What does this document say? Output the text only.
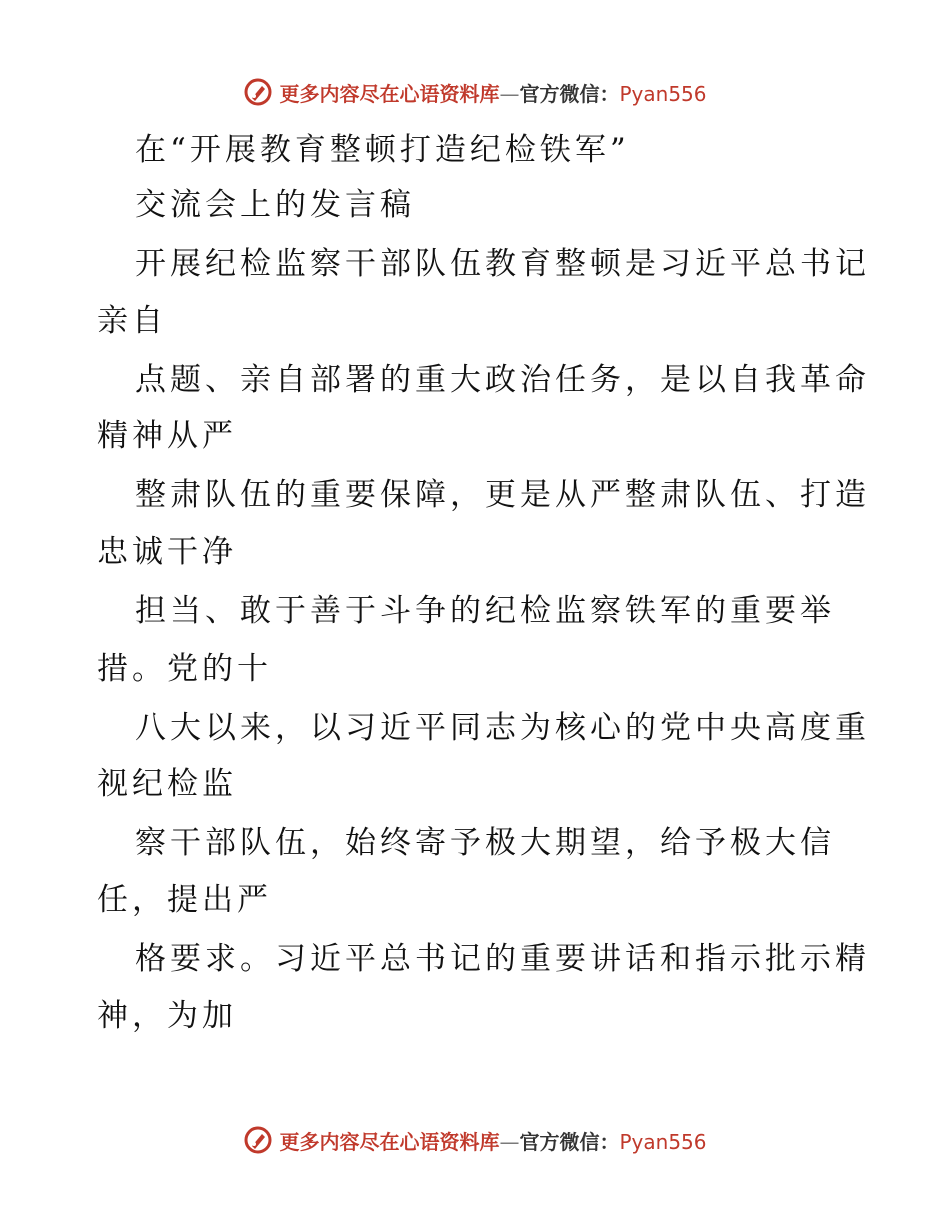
更多内容尽在心语资料库—官方微信：Pyan556
在“开展教育整顿打造纪检铁军”
交流会上的发言稿
开展纪检监察干部队伍教育整顿是习近平总书记
亲自
点题、亲自部署的重大政治任务，是以自我革命
精神从严
整肃队伍的重要保障，更是从严整肃队伍、打造
忠诚干净
担当、敢于善于斗争的纪检监察铁军的重要举
措。党的十
八大以来，以习近平同志为核心的党中央高度重
视纪检监
察干部队伍，始终寄予极大期望，给予极大信
任，提出严
格要求。习近平总书记的重要讲话和指示批示精
神，为加
更多内容尽在心语资料库—官方微信：Pyan556
